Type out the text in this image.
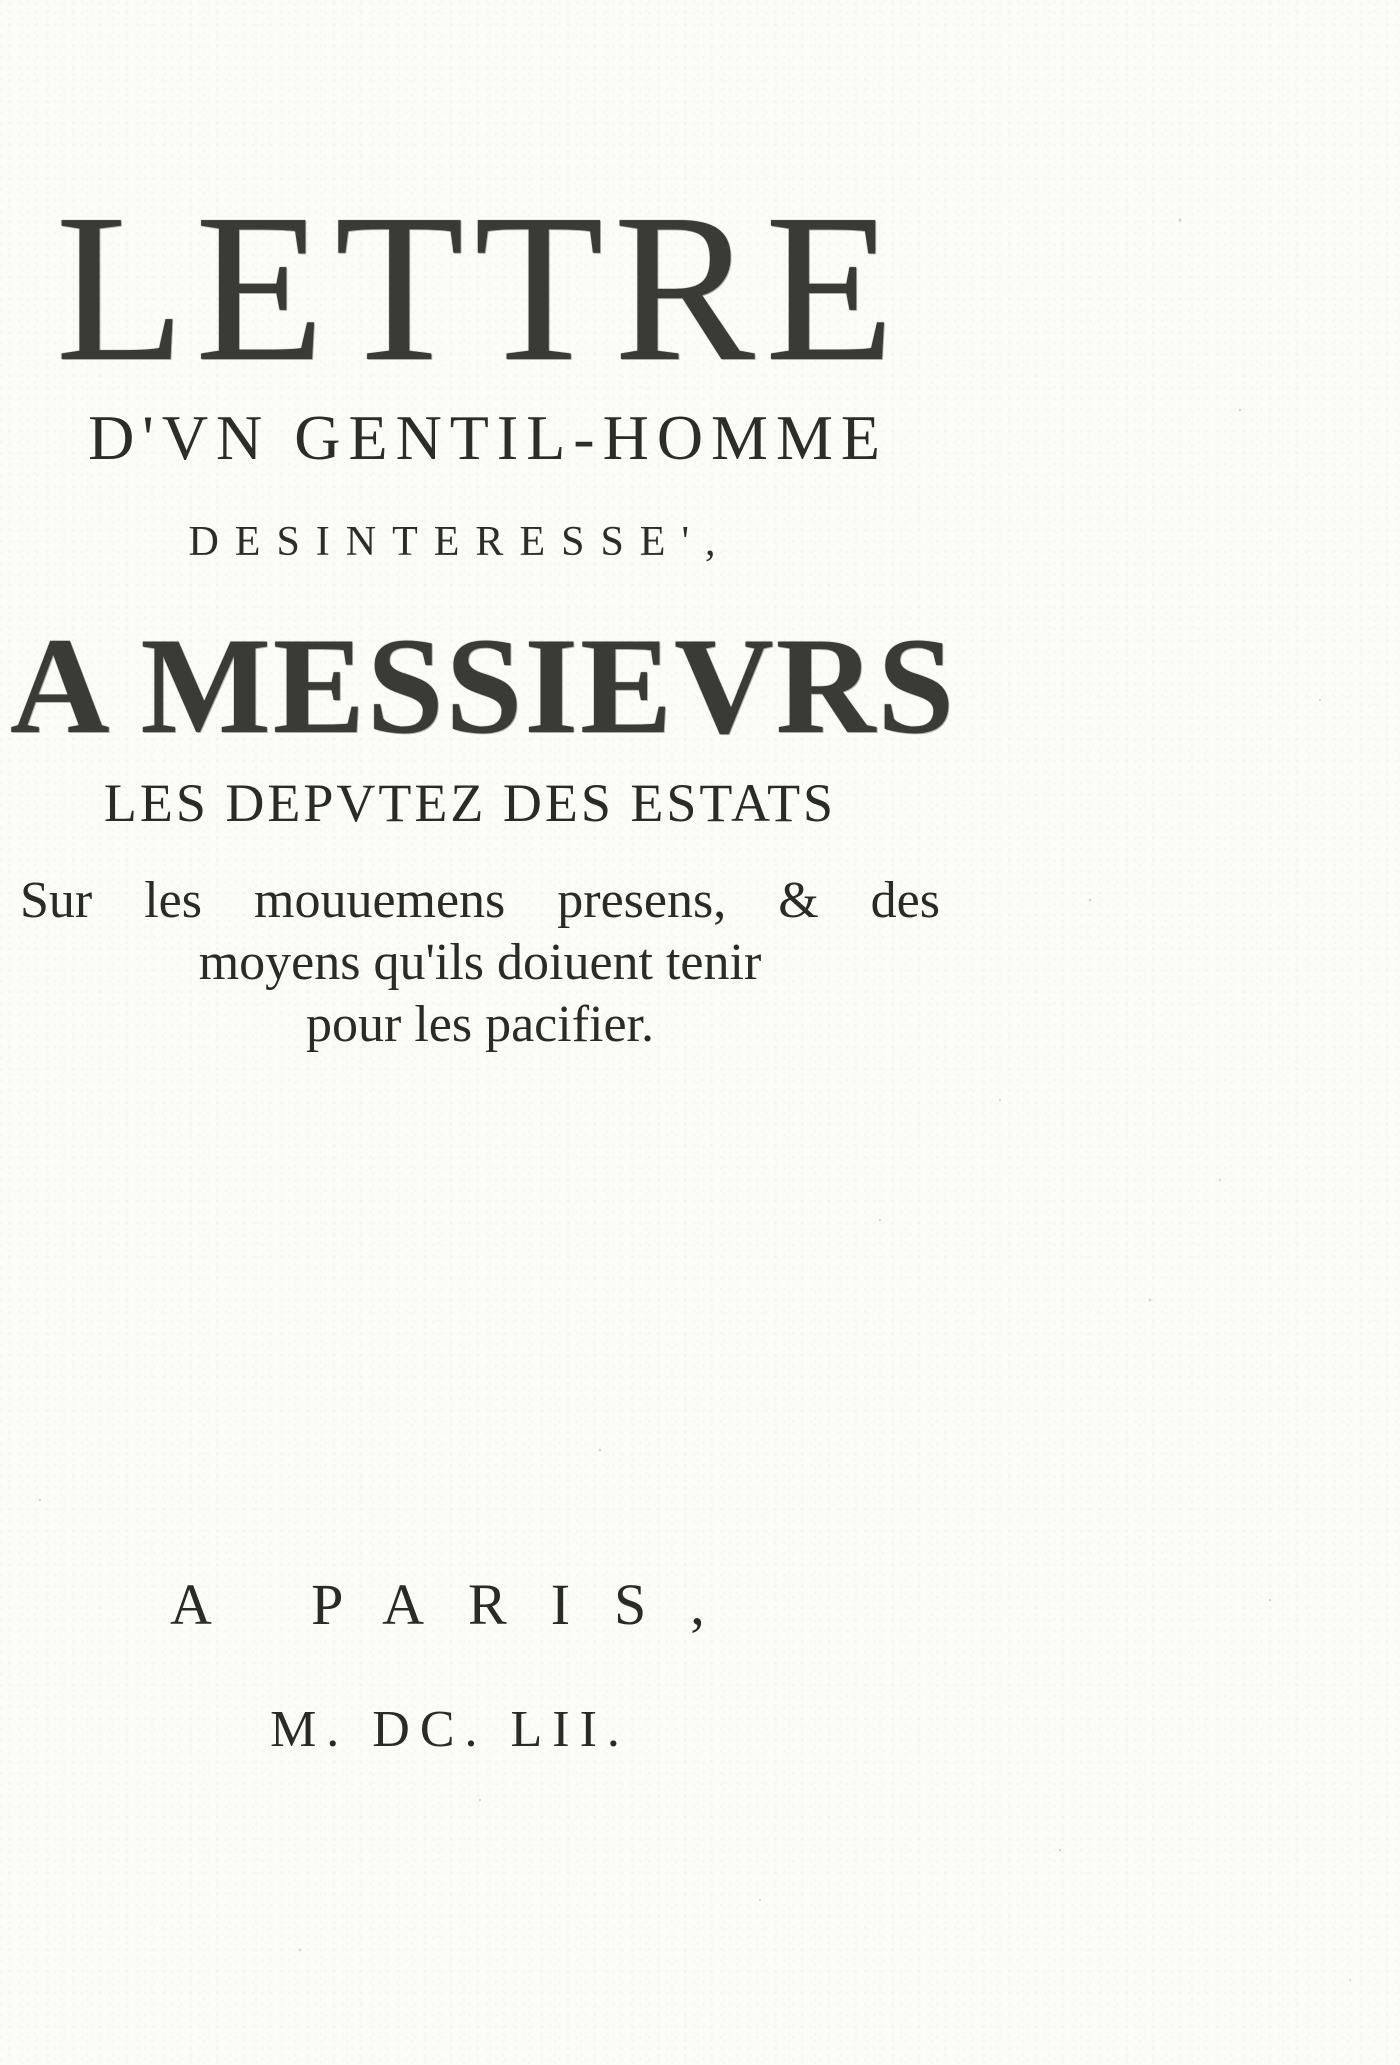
LETTRE

D'VN GENTIL-HOMME

DESINTERESSE',

A MESSIEVRS

LES DEPVTEZ DES ESTATS

Sur les mouuemens presens, & des
moyens qu'ils doiuent tenir
pour les pacifier.

A PARIS,

M. DC. LII.
